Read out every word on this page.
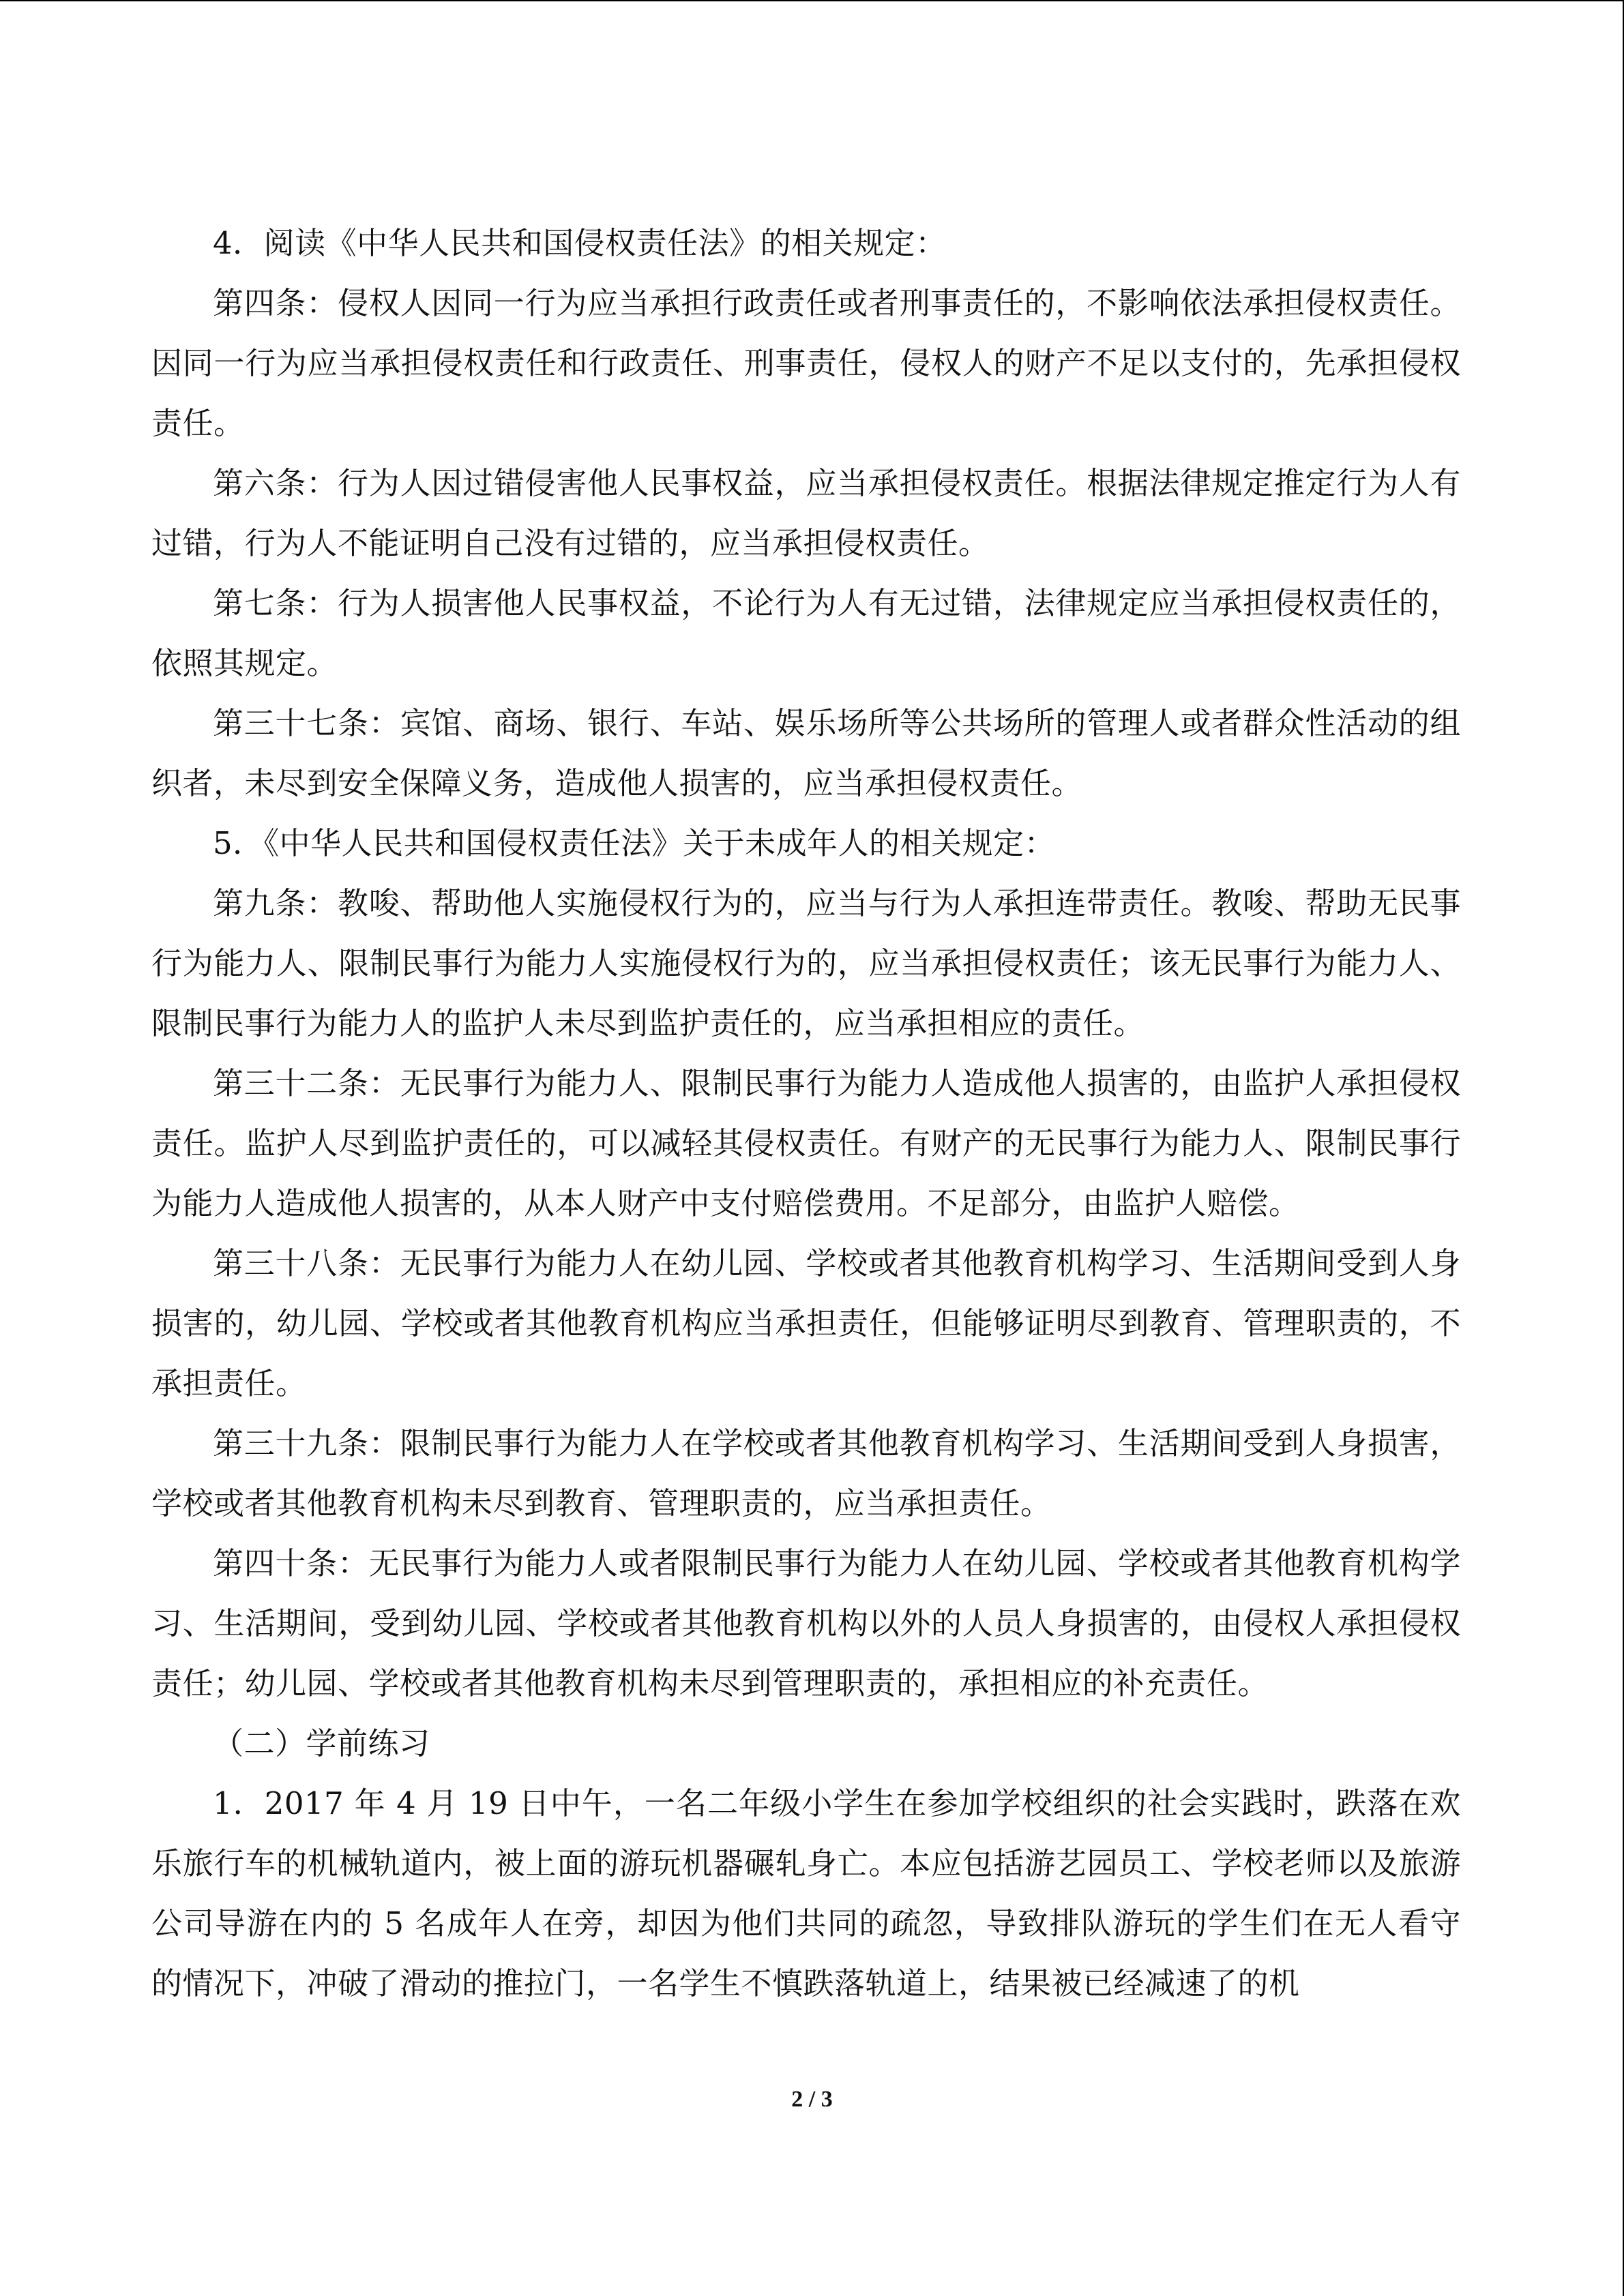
4．阅读《中华人民共和国侵权责任法》的相关规定：

第四条：侵权人因同一行为应当承担行政责任或者刑事责任的，不影响依法承担侵权责任。因同一行为应当承担侵权责任和行政责任、刑事责任，侵权人的财产不足以支付的，先承担侵权责任。

第六条：行为人因过错侵害他人民事权益，应当承担侵权责任。根据法律规定推定行为人有过错，行为人不能证明自己没有过错的，应当承担侵权责任。

第七条：行为人损害他人民事权益，不论行为人有无过错，法律规定应当承担侵权责任的，依照其规定。

第三十七条：宾馆、商场、银行、车站、娱乐场所等公共场所的管理人或者群众性活动的组织者，未尽到安全保障义务，造成他人损害的，应当承担侵权责任。

5．《中华人民共和国侵权责任法》关于未成年人的相关规定：

第九条：教唆、帮助他人实施侵权行为的，应当与行为人承担连带责任。教唆、帮助无民事行为能力人、限制民事行为能力人实施侵权行为的，应当承担侵权责任；该无民事行为能力人、限制民事行为能力人的监护人未尽到监护责任的，应当承担相应的责任。

第三十二条：无民事行为能力人、限制民事行为能力人造成他人损害的，由监护人承担侵权责任。监护人尽到监护责任的，可以减轻其侵权责任。有财产的无民事行为能力人、限制民事行为能力人造成他人损害的，从本人财产中支付赔偿费用。不足部分，由监护人赔偿。

第三十八条：无民事行为能力人在幼儿园、学校或者其他教育机构学习、生活期间受到人身损害的，幼儿园、学校或者其他教育机构应当承担责任，但能够证明尽到教育、管理职责的，不承担责任。

第三十九条：限制民事行为能力人在学校或者其他教育机构学习、生活期间受到人身损害，学校或者其他教育机构未尽到教育、管理职责的，应当承担责任。

第四十条：无民事行为能力人或者限制民事行为能力人在幼儿园、学校或者其他教育机构学习、生活期间，受到幼儿园、学校或者其他教育机构以外的人员人身损害的，由侵权人承担侵权责任；幼儿园、学校或者其他教育机构未尽到管理职责的，承担相应的补充责任。

（二）学前练习

1．2017 年 4 月 19 日中午，一名二年级小学生在参加学校组织的社会实践时，跌落在欢乐旅行车的机械轨道内，被上面的游玩机器碾轧身亡。本应包括游艺园员工、学校老师以及旅游公司导游在内的 5 名成年人在旁，却因为他们共同的疏忽，导致排队游玩的学生们在无人看守的情况下，冲破了滑动的推拉门，一名学生不慎跌落轨道上，结果被已经减速了的机

2 / 3
